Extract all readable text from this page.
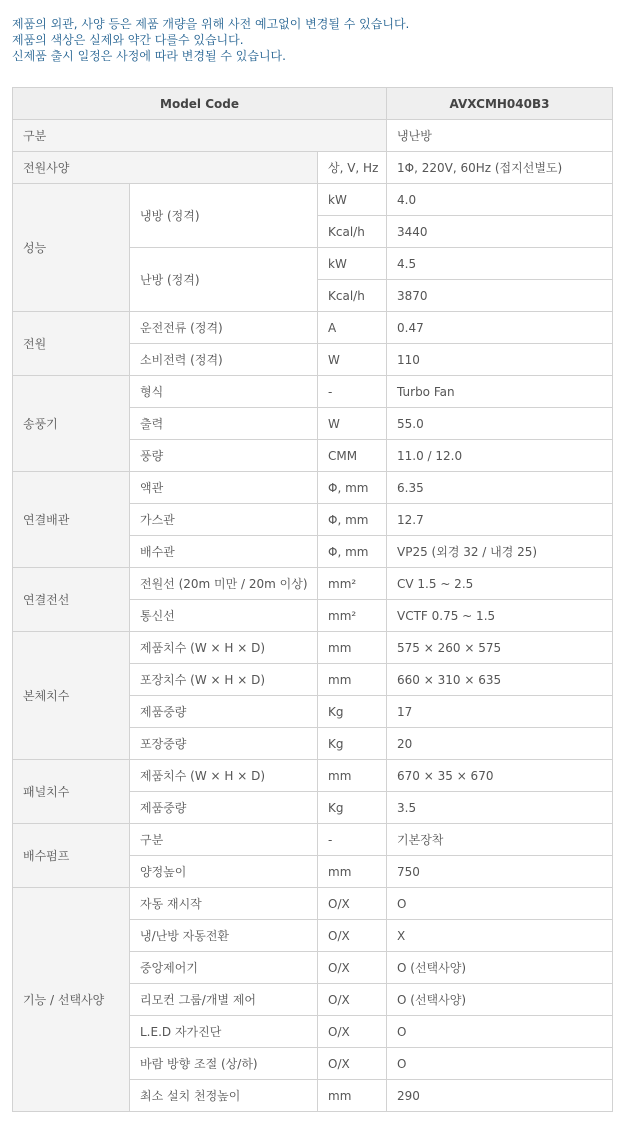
제품의 외관, 사양 등은 제품 개량을 위해 사전 예고없이 변경될 수 있습니다.
제품의 색상은 실제와 약간 다를수 있습니다.
신제품 출시 일정은 사정에 따라 변경될 수 있습니다.
Model Code			AVXCMH040B3
구분			냉난방
전원사양		상, V, Hz	1Φ, 220V, 60Hz (접지선별도)
성능	냉방 (정격)	kW	4.0
		Kcal/h	3440
	난방 (정격)	kW	4.5
		Kcal/h	3870
전원	운전전류 (정격)	A	0.47
	소비전력 (정격)	W	110
송풍기	형식	-	Turbo Fan
	출력	W	55.0
	풍량	CMM	11.0 / 12.0
연결배관	액관	Φ, mm	6.35
	가스관	Φ, mm	12.7
	배수관	Φ, mm	VP25 (외경 32 / 내경 25)
연결전선	전원선 (20m 미만 / 20m 이상)	mm²	CV 1.5 ~ 2.5
	통신선	mm²	VCTF 0.75 ~ 1.5
본체치수	제품치수 (W × H × D)	mm	575 × 260 × 575
	포장치수 (W × H × D)	mm	660 × 310 × 635
	제품중량	Kg	17
	포장중량	Kg	20
패널치수	제품치수 (W × H × D)	mm	670 × 35 × 670
	제품중량	Kg	3.5
배수펌프	구분	-	기본장착
	양정높이	mm	750
기능 / 선택사양	자동 재시작	O/X	O
	냉/난방 자동전환	O/X	X
	중앙제어기	O/X	O (선택사양)
	리모컨 그룹/개별 제어	O/X	O (선택사양)
	L.E.D 자가진단	O/X	O
	바람 방향 조절 (상/하)	O/X	O
	최소 설치 천정높이	mm	290
